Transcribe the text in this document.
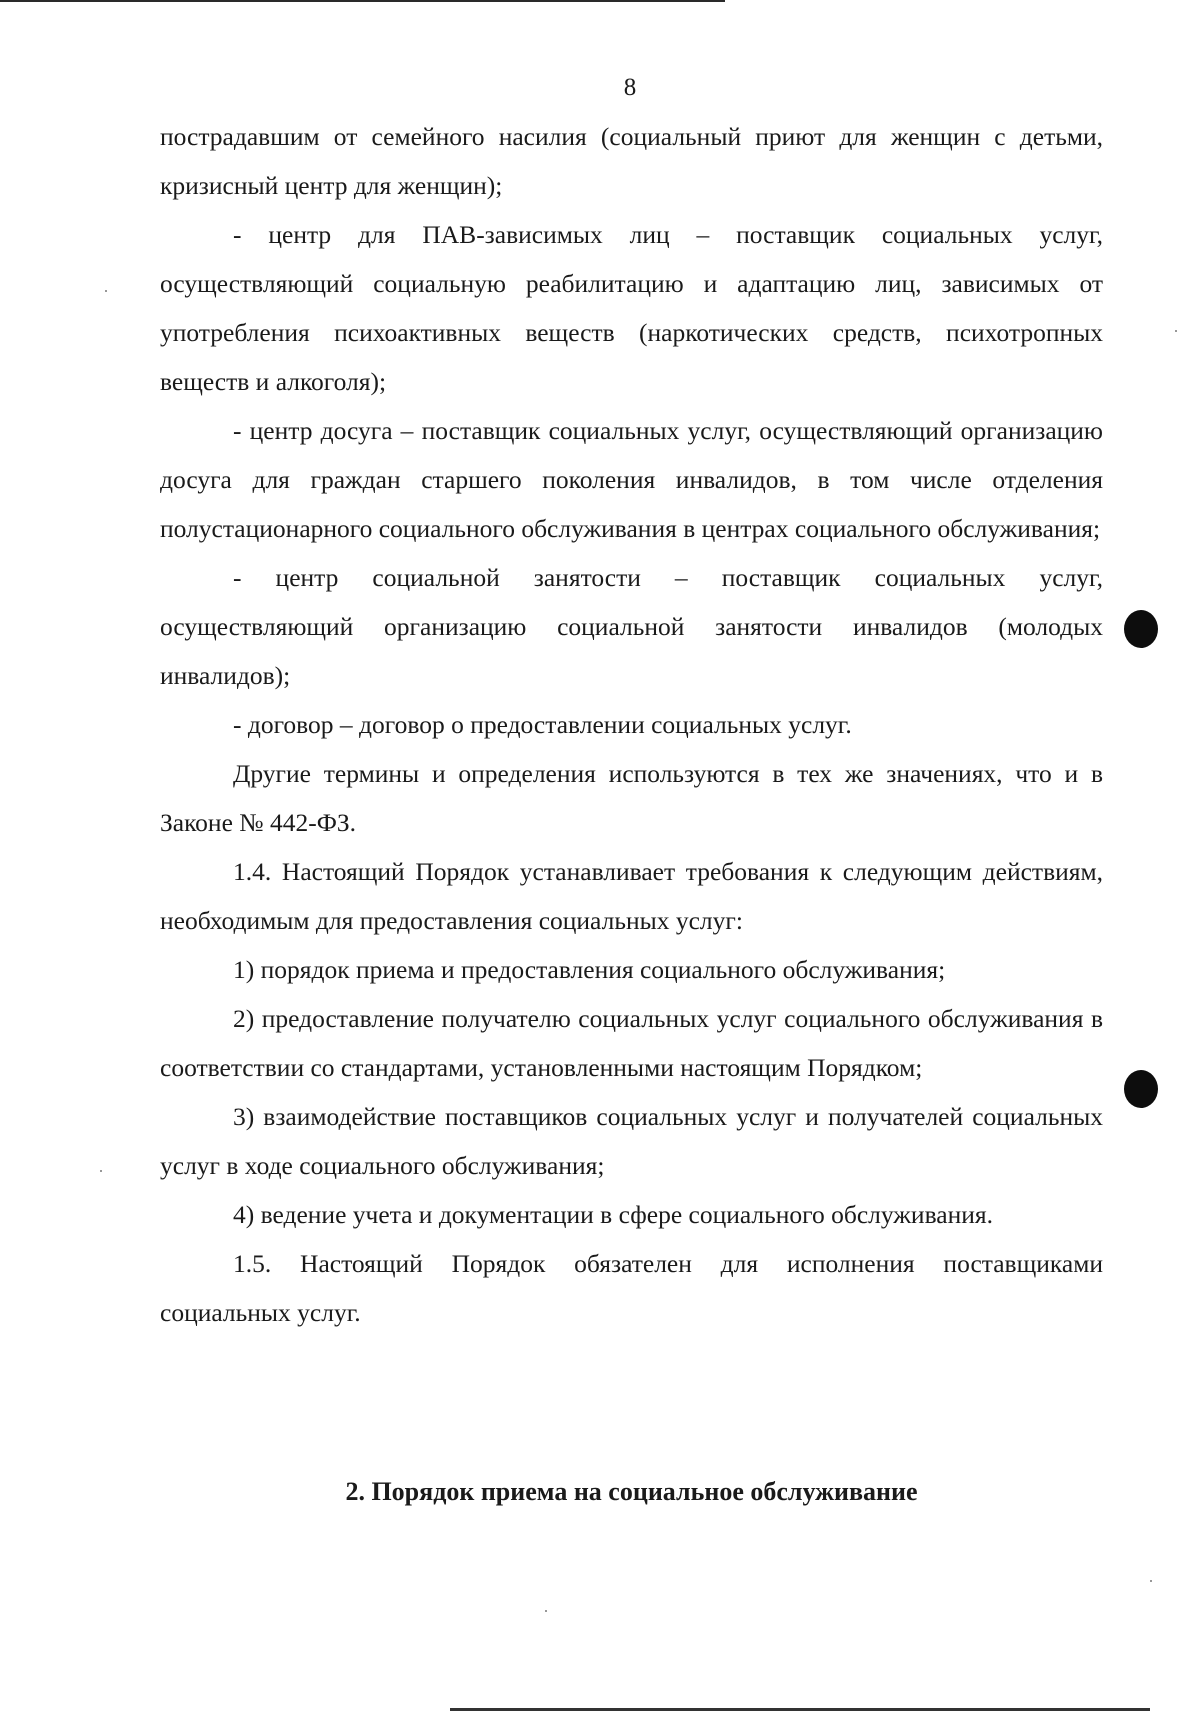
8

пострадавшим от семейного насилия (социальный приют для женщин с детьми, кризисный центр для женщин);

- центр для ПАВ-зависимых лиц – поставщик социальных услуг, осуществляющий социальную реабилитацию и адаптацию лиц, зависимых от употребления психоактивных веществ (наркотических средств, психотропных веществ и алкоголя);

- центр досуга – поставщик социальных услуг, осуществляющий организацию досуга для граждан старшего поколения инвалидов, в том числе отделения полустационарного социального обслуживания в центрах социального обслуживания;

- центр социальной занятости – поставщик социальных услуг, осуществляющий организацию социальной занятости инвалидов (молодых инвалидов);

- договор – договор о предоставлении социальных услуг.

Другие термины и определения используются в тех же значениях, что и в Законе № 442-ФЗ.

1.4. Настоящий Порядок устанавливает требования к следующим действиям, необходимым для предоставления социальных услуг:

1) порядок приема и предоставления социального обслуживания;

2) предоставление получателю социальных услуг социального обслуживания в соответствии со стандартами, установленными настоящим Порядком;

3) взаимодействие поставщиков социальных услуг и получателей социальных услуг в ходе социального обслуживания;

4) ведение учета и документации в сфере социального обслуживания.

1.5. Настоящий Порядок обязателен для исполнения поставщиками социальных услуг.

2. Порядок приема на социальное обслуживание
